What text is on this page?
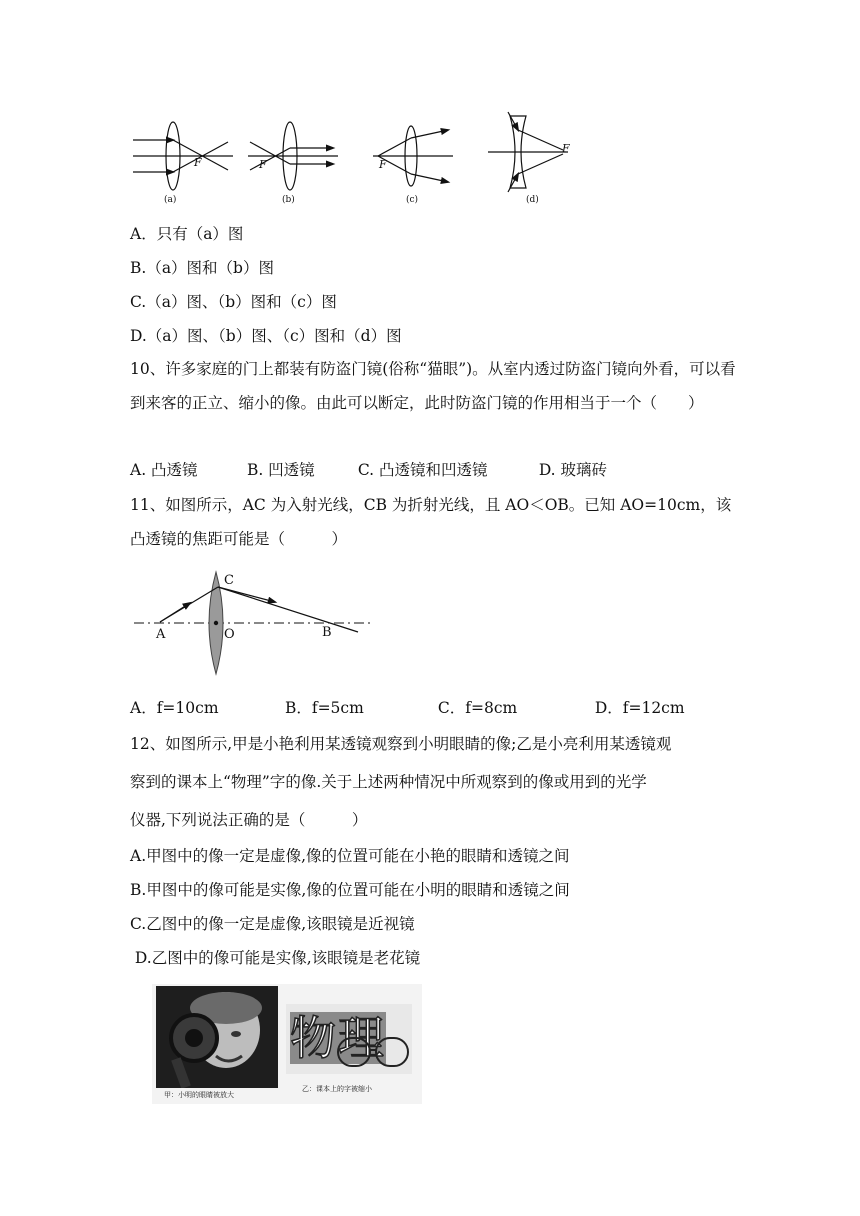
F
(a)
F
(b)
F
(c)
F
(d)
A．只有（a）图
B.（a）图和（b）图
C.（a）图、（b）图和（c）图
D.（a）图、（b）图、（c）图和（d）图
10、许多家庭的门上都装有防盗门镜(俗称“猫眼”)。从室内透过防盗门镜向外看，可以看到来客的正立、缩小的像。由此可以断定，此时防盗门镜的作用相当于一个（　　）
A. 凸透镜	B. 凹透镜	C. 凸透镜和凹透镜	D. 玻璃砖
11、如图所示，AC 为入射光线，CB 为折射光线，且 AO＜OB。已知 AO=10cm，该凸透镜的焦距可能是（　　　）
A
C
O	B
A．f=10cm	B．f=5cm	C．f=8cm	D．f=12cm
12、如图所示,甲是小艳利用某透镜观察到小明眼睛的像;乙是小亮利用某透镜观
察到的课本上“物理”字的像.关于上述两种情况中所观察到的像或用到的光学
仪器,下列说法正确的是（　　　）
A.甲图中的像一定是虚像,像的位置可能在小艳的眼睛和透镜之间
B.甲图中的像可能是实像,像的位置可能在小明的眼睛和透镜之间
C.乙图中的像一定是虚像,该眼镜是近视镜
D.乙图中的像可能是实像,该眼镜是老花镜
物理
甲：小明的眼睛被放大
乙：课本上的字被缩小
